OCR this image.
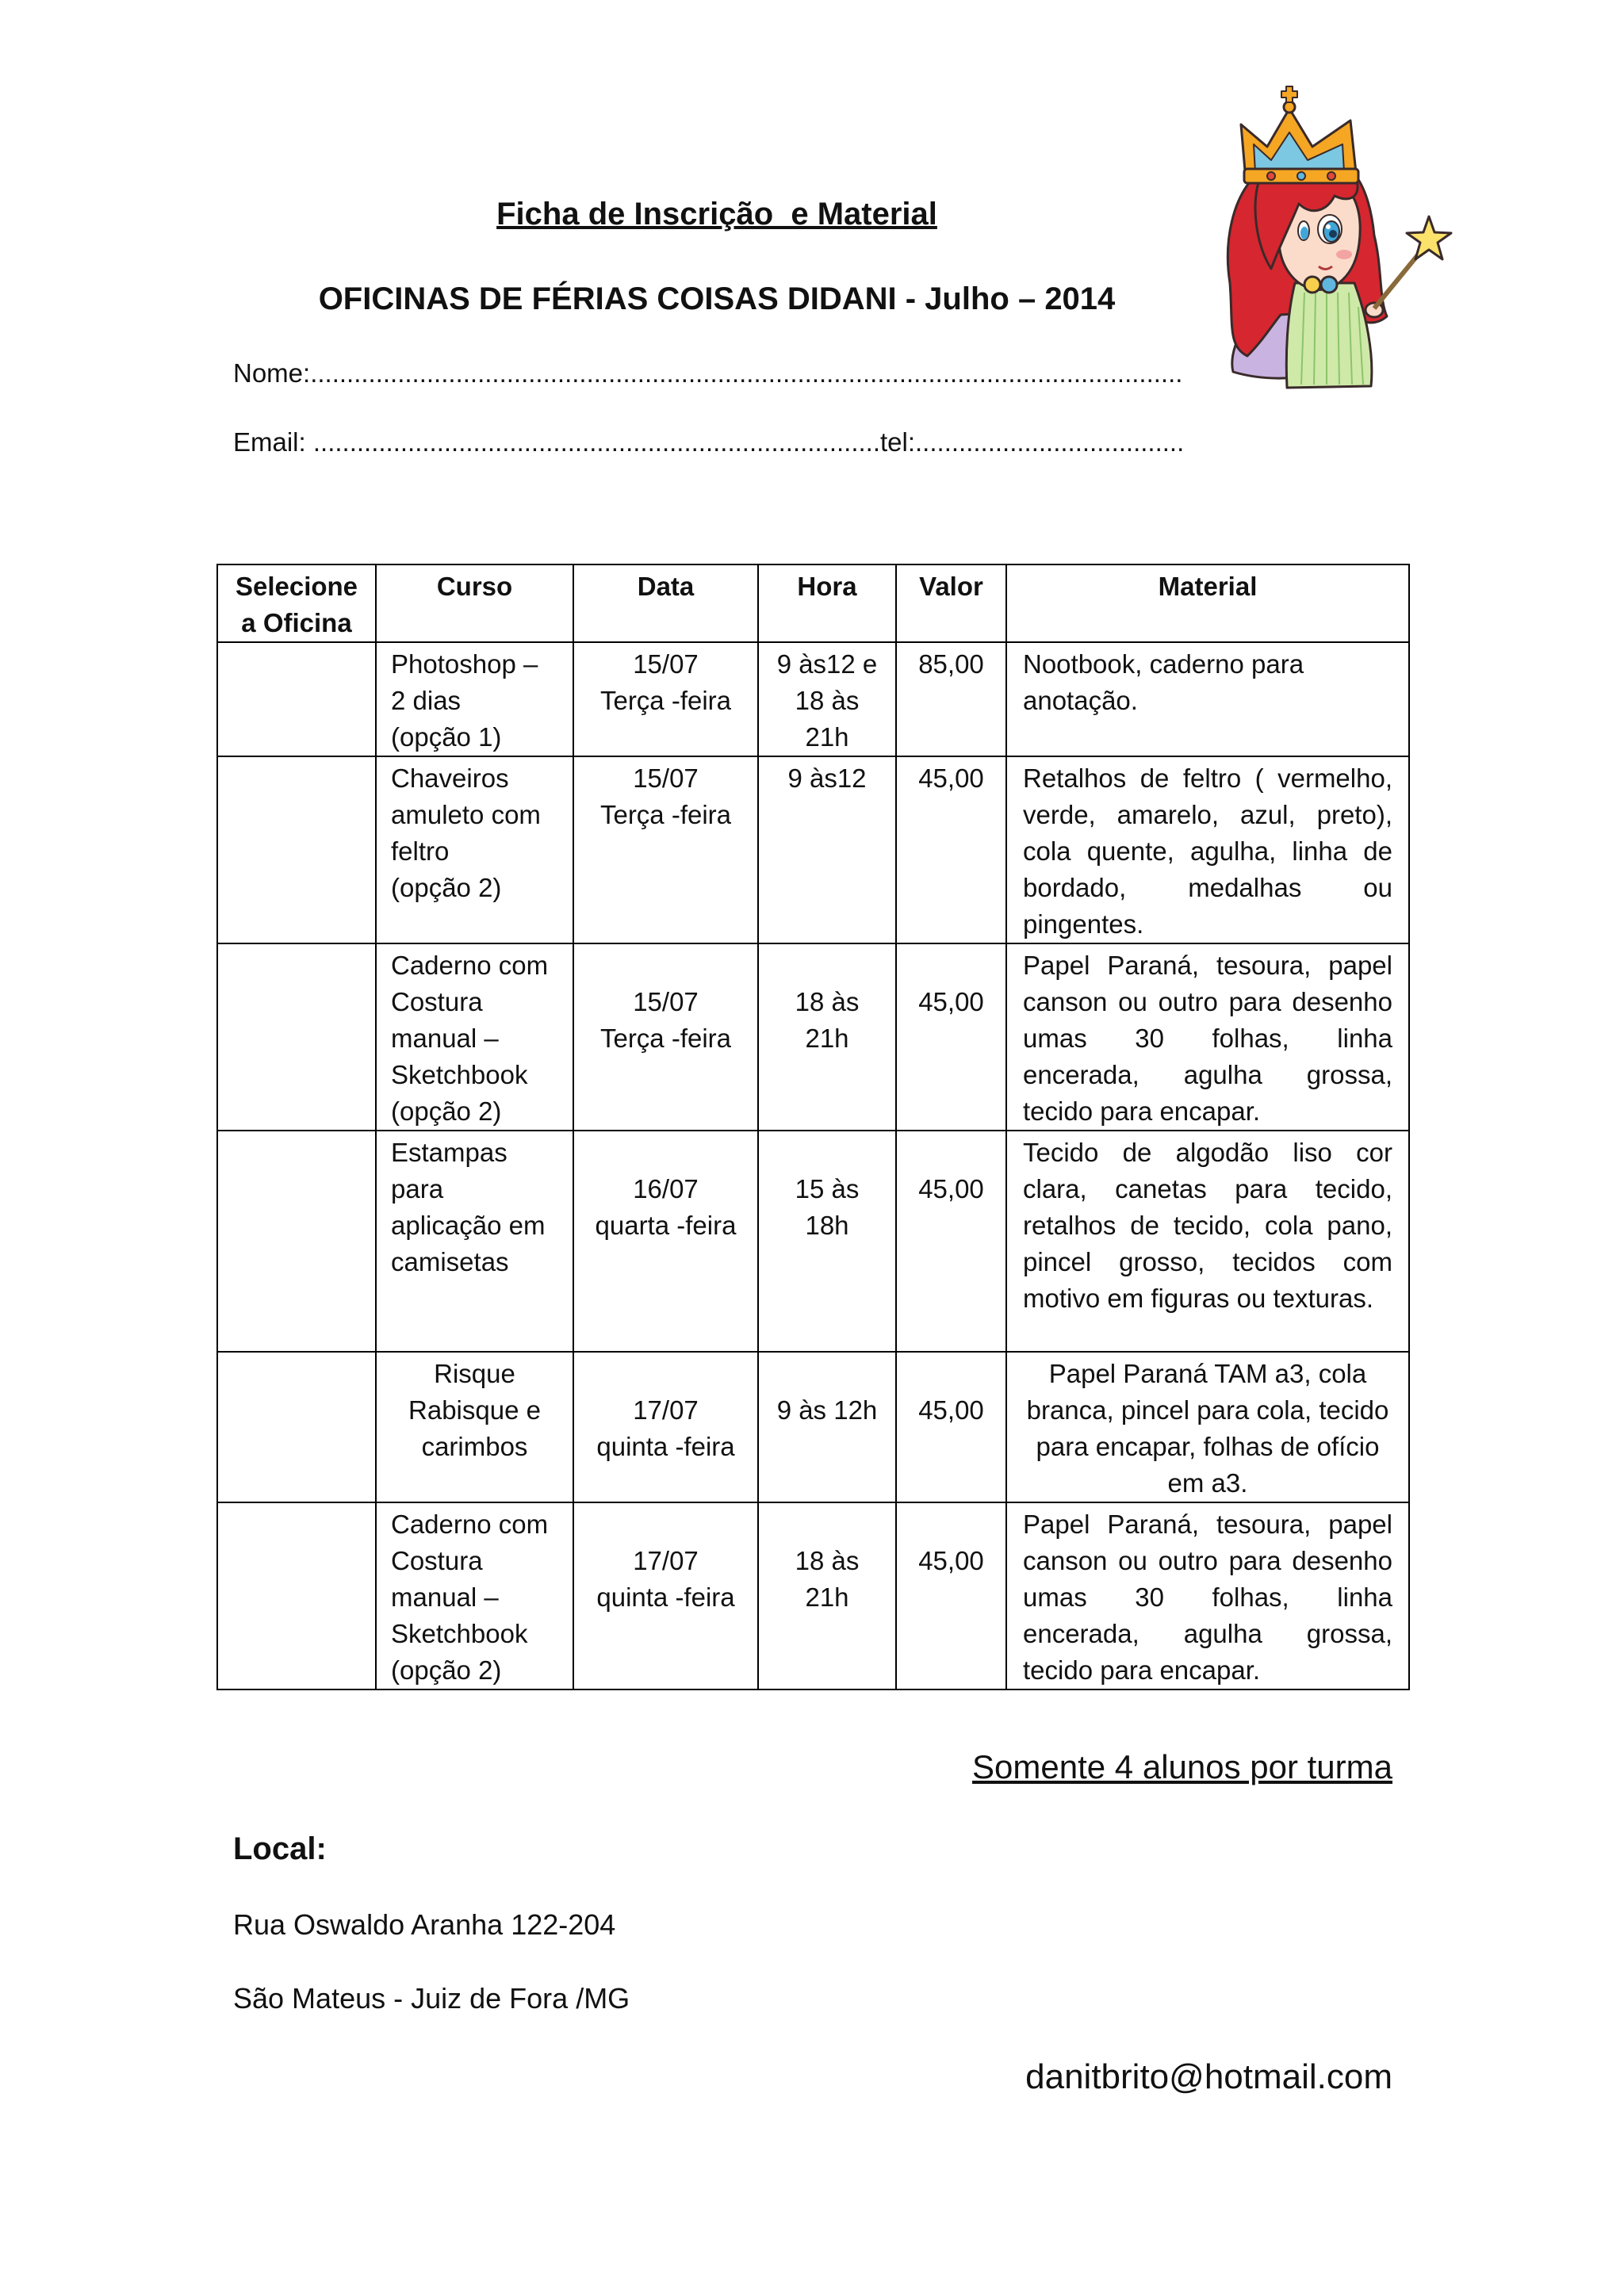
Ficha de Inscrição  e Material
OFICINAS DE FÉRIAS COISAS DIDANI - Julho – 2014
Nome:........................................................................................................................
Email: ..............................................................................tel:.....................................
Selecione
a Oficina	Curso	Data	Hora	Valor	Material
	Photoshop –
2 dias
(opção 1)	15/07
Terça -feira	9 às12 e
18 às
21h	85,00	Nootbook, caderno para anotação.
	Chaveiros
amuleto com
feltro
(opção 2)	15/07
Terça -feira	9 às12	45,00	Retalhos de feltro ( vermelho, verde, amarelo, azul, preto), cola quente, agulha, linha de bordado, medalhas ou pingentes.
	Caderno com
Costura
manual –
Sketchbook
(opção 2)	15/07
Terça -feira	18 às
21h	45,00	Papel Paraná, tesoura, papel canson ou outro para desenho umas 30 folhas, linha encerada, agulha grossa, tecido para encapar.
	Estampas
para
aplicação em
camisetas	16/07
quarta -feira	15 às
18h	45,00	Tecido de algodão liso cor clara, canetas para tecido, retalhos de tecido, cola pano, pincel grosso, tecidos com motivo em figuras ou texturas.
	Risque
Rabisque e
carimbos	17/07
quinta -feira	9 às 12h	45,00	Papel Paraná TAM a3, cola branca, pincel para cola, tecido para encapar, folhas de ofício em a3.
	Caderno com
Costura
manual –
Sketchbook
(opção 2)	17/07
quinta -feira	18 às
21h	45,00	Papel Paraná, tesoura, papel canson ou outro para desenho umas 30 folhas, linha encerada, agulha grossa, tecido para encapar.
Somente 4 alunos por turma
Local:
Rua Oswaldo Aranha 122-204
São Mateus - Juiz de Fora /MG
danitbrito@hotmail.com
